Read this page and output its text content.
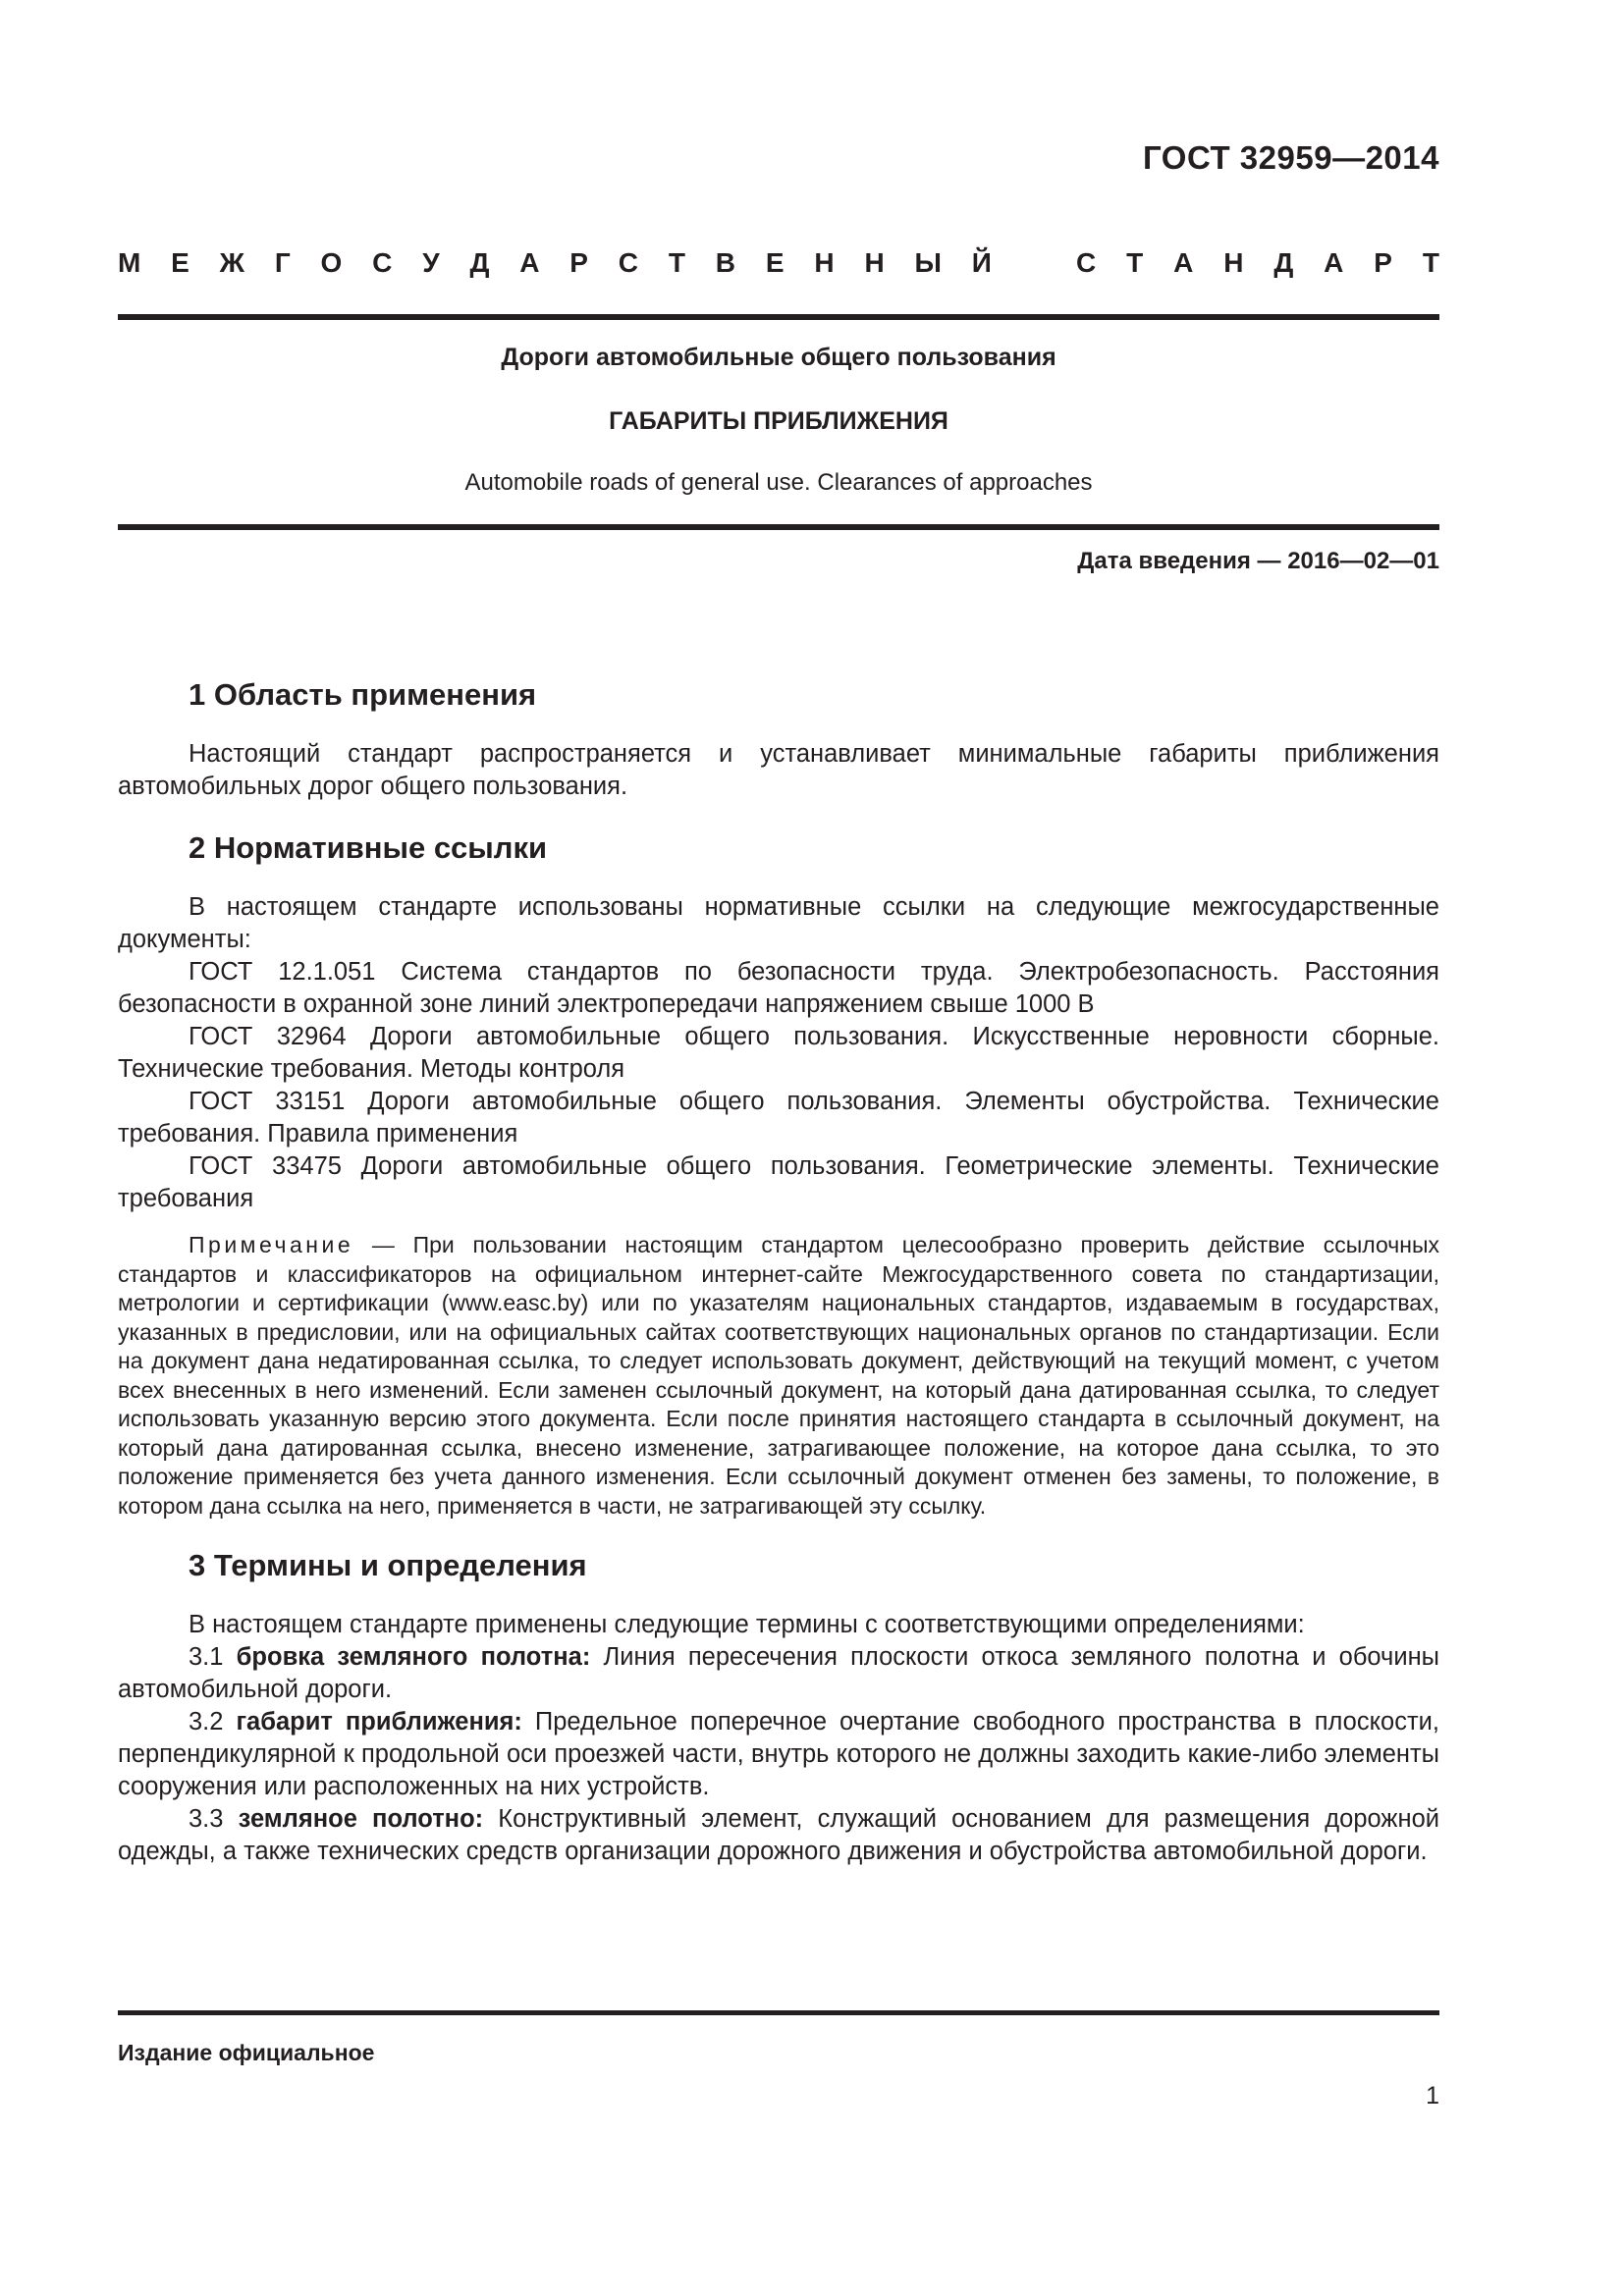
ГОСТ 32959—2014
М Е Ж Г О С У Д А Р С Т В Е Н Н Ы Й	С Т А Н Д А Р Т
Дороги автомобильные общего пользования
ГАБАРИТЫ ПРИБЛИЖЕНИЯ
Automobile roads of general use. Clearances of approaches
Дата введения — 2016—02—01
1 Область применения

Настоящий стандарт распространяется и устанавливает минимальные габариты приближения автомобильных дорог общего пользования.

2 Нормативные ссылки

В настоящем стандарте использованы нормативные ссылки на следующие межгосударственные документы:

ГОСТ 12.1.051 Система стандартов по безопасности труда. Электробезопасность. Расстояния безопасности в охранной зоне линий электропередачи напряжением свыше 1000 В

ГОСТ 32964 Дороги автомобильные общего пользования. Искусственные неровности сборные. Технические требования. Методы контроля

ГОСТ 33151 Дороги автомобильные общего пользования. Элементы обустройства. Технические требования. Правила применения

ГОСТ 33475 Дороги автомобильные общего пользования. Геометрические элементы. Технические требования

Примечание — При пользовании настоящим стандартом целесообразно проверить действие ссылочных стандартов и классификаторов на официальном интернет-сайте Межгосударственного совета по стандартизации, метрологии и сертификации (www.easc.by) или по указателям национальных стандартов, издаваемым в государствах, указанных в предисловии, или на официальных сайтах соответствующих национальных органов по стандартизации. Если на документ дана недатированная ссылка, то следует использовать документ, действующий на текущий момент, с учетом всех внесенных в него изменений. Если заменен ссылочный документ, на который дана датированная ссылка, то следует использовать указанную версию этого документа. Если после принятия настоящего стандарта в ссылочный документ, на который дана датированная ссылка, внесено изменение, затрагивающее положение, на которое дана ссылка, то это положение применяется без учета данного изменения. Если ссылочный документ отменен без замены, то положение, в котором дана ссылка на него, применяется в части, не затрагивающей эту ссылку.

3 Термины и определения

В настоящем стандарте применены следующие термины с соответствующими определениями:

3.1 бровка земляного полотна: Линия пересечения плоскости откоса земляного полотна и обочины автомобильной дороги.

3.2 габарит приближения: Предельное поперечное очертание свободного пространства в плоскости, перпендикулярной к продольной оси проезжей части, внутрь которого не должны заходить какие-либо элементы сооружения или расположенных на них устройств.

3.3 земляное полотно: Конструктивный элемент, служащий основанием для размещения дорожной одежды, а также технических средств организации дорожного движения и обустройства автомобильной дороги.

Издание официальное
1
